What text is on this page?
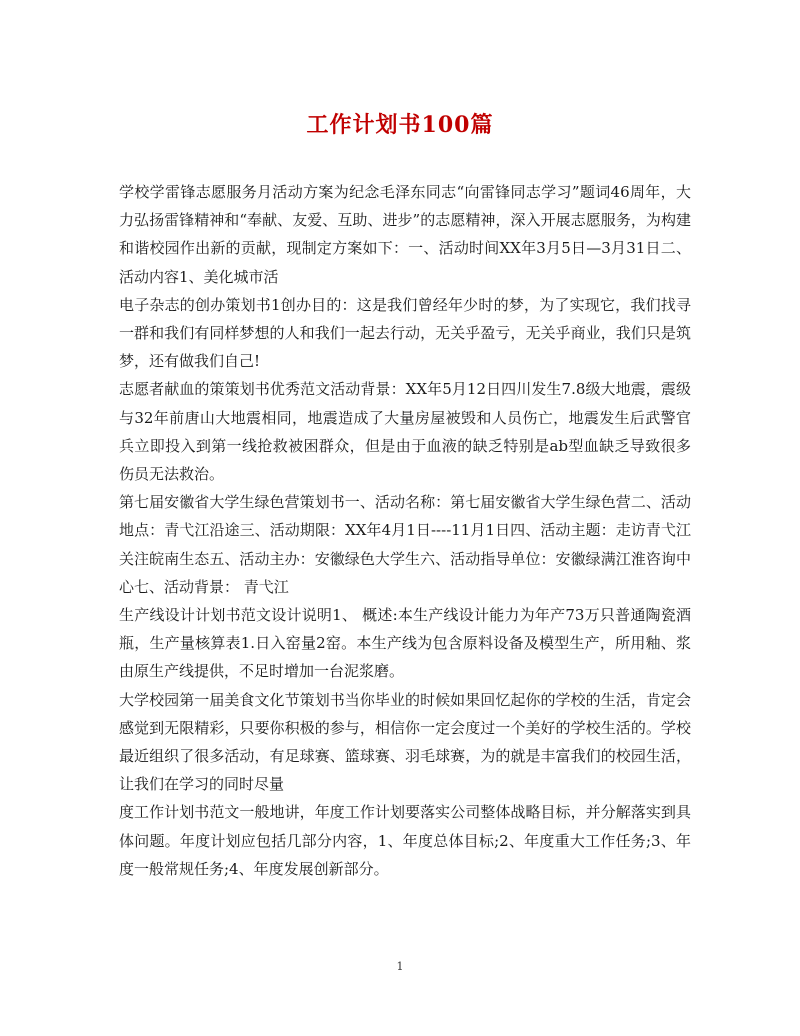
工作计划书100篇

学校学雷锋志愿服务月活动方案为纪念毛泽东同志“向雷锋同志学习”题词46周年，大力弘扬雷锋精神和“奉献、友爱、互助、进步”的志愿精神，深入开展志愿服务，为构建和谐校园作出新的贡献，现制定方案如下：一、活动时间XX年3月5日—3月31日二、活动内容1、美化城市活

电子杂志的创办策划书1创办目的：这是我们曾经年少时的梦，为了实现它，我们找寻一群和我们有同样梦想的人和我们一起去行动，无关乎盈亏，无关乎商业，我们只是筑梦，还有做我们自己!

志愿者献血的策策划书优秀范文活动背景：XX年5月12日四川发生7.8级大地震，震级与32年前唐山大地震相同，地震造成了大量房屋被毁和人员伤亡，地震发生后武警官兵立即投入到第一线抢救被困群众，但是由于血液的缺乏特别是ab型血缺乏导致很多伤员无法救治。

第七届安徽省大学生绿色营策划书一、活动名称：第七届安徽省大学生绿色营二、活动地点：青弋江沿途三、活动期限：XX年4月1日----11月1日四、活动主题：走访青弋江 关注皖南生态五、活动主办：安徽绿色大学生六、活动指导单位：安徽绿满江淮咨询中心七、活动背景： 青弋江

生产线设计计划书范文设计说明1、 概述:本生产线设计能力为年产73万只普通陶瓷酒瓶，生产量核算表1.日入窑量2窑。本生产线为包含原料设备及模型生产，所用釉、浆由原生产线提供，不足时增加一台泥浆磨。

大学校园第一届美食文化节策划书当你毕业的时候如果回忆起你的学校的生活，肯定会感觉到无限精彩，只要你积极的参与，相信你一定会度过一个美好的学校生活的。学校最近组织了很多活动，有足球赛、篮球赛、羽毛球赛，为的就是丰富我们的校园生活，让我们在学习的同时尽量

度工作计划书范文一般地讲，年度工作计划要落实公司整体战略目标，并分解落实到具体问题。年度计划应包括几部分内容，1、年度总体目标;2、年度重大工作任务;3、年度一般常规任务;4、年度发展创新部分。

1
